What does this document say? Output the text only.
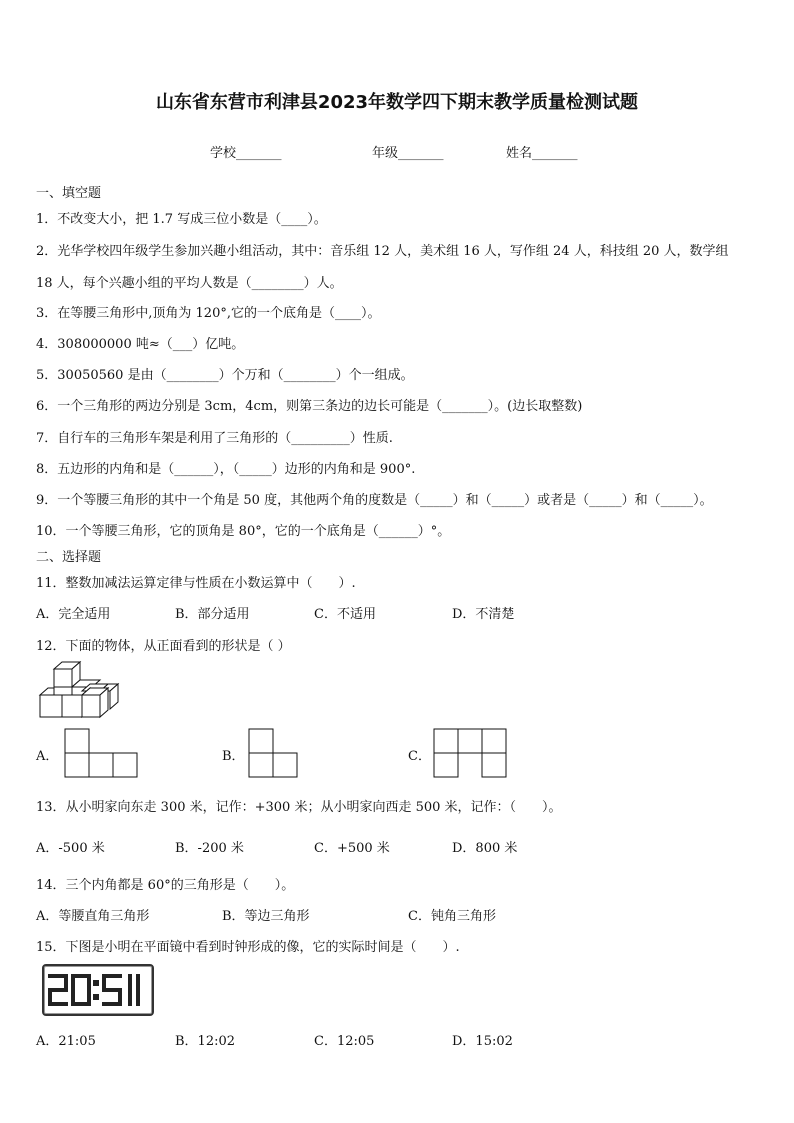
山东省东营市利津县2023年数学四下期末教学质量检测试题
学校_______	年级_______	姓名_______
一、填空题
1．不改变大小，把 1.7 写成三位小数是（____）。
2．光华学校四年级学生参加兴趣小组活动，其中：音乐组 12 人，美术组 16 人，写作组 24 人，科技组 20 人，数学组
18 人，每个兴趣小组的平均人数是（________）人。
3．在等腰三角形中,顶角为 120°,它的一个底角是（____）。
4．308000000 吨≈（___）亿吨。
5．30050560 是由（________）个万和（________）个一组成。
6．一个三角形的两边分别是 3cm，4cm，则第三条边的边长可能是（_______）。(边长取整数)
7．自行车的三角形车架是利用了三角形的（_________）性质.
8．五边形的内角和是（______），（_____）边形的内角和是 900°.
9．一个等腰三角形的其中一个角是 50 度，其他两个角的度数是（_____）和（_____）或者是（_____）和（_____）。
10．一个等腰三角形，它的顶角是 80°，它的一个底角是（______）°。
二、选择题
11．整数加减法运算定律与性质在小数运算中（　　）.
A．完全适用	B．部分适用	C．不适用	D．不清楚
12．下面的物体，从正面看到的形状是（ ）
A．	B．	C．
13．从小明家向东走 300 米，记作：+300 米；从小明家向西走 500 米，记作：（　　）。
A．-500 米	B．-200 米	C．+500 米	D．800 米
14．三个内角都是 60°的三角形是（　　）。
A．等腰直角三角形	B．等边三角形	C．钝角三角形
15．下图是小明在平面镜中看到时钟形成的像，它的实际时间是（　　）.
A．21:05	B．12:02	C．12:05	D．15:02
